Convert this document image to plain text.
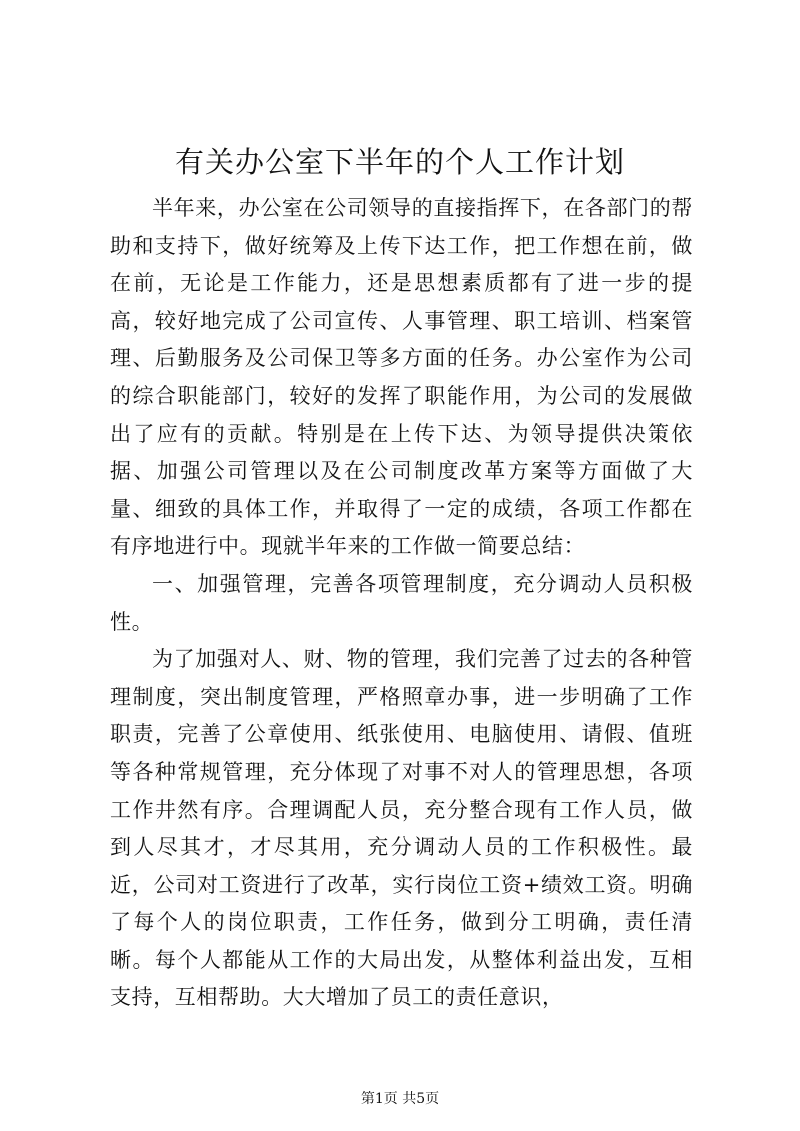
有关办公室下半年的个人工作计划

半年来，办公室在公司领导的直接指挥下，在各部门的帮助和支持下，做好统筹及上传下达工作，把工作想在前，做在前，无论是工作能力，还是思想素质都有了进一步的提高，较好地完成了公司宣传、人事管理、职工培训、档案管理、后勤服务及公司保卫等多方面的任务。办公室作为公司的综合职能部门，较好的发挥了职能作用，为公司的发展做出了应有的贡献。特别是在上传下达、为领导提供决策依据、加强公司管理以及在公司制度改革方案等方面做了大量、细致的具体工作，并取得了一定的成绩，各项工作都在有序地进行中。现就半年来的工作做一简要总结：

一、加强管理，完善各项管理制度，充分调动人员积极性。

为了加强对人、财、物的管理，我们完善了过去的各种管理制度，突出制度管理，严格照章办事，进一步明确了工作职责，完善了公章使用、纸张使用、电脑使用、请假、值班等各种常规管理，充分体现了对事不对人的管理思想，各项工作井然有序。合理调配人员，充分整合现有工作人员，做到人尽其才，才尽其用，充分调动人员的工作积极性。最近，公司对工资进行了改革，实行岗位工资+绩效工资。明确了每个人的岗位职责，工作任务，做到分工明确，责任清晰。每个人都能从工作的大局出发，从整体利益出发，互相支持，互相帮助。大大增加了员工的责任意识，

第1页 共5页
